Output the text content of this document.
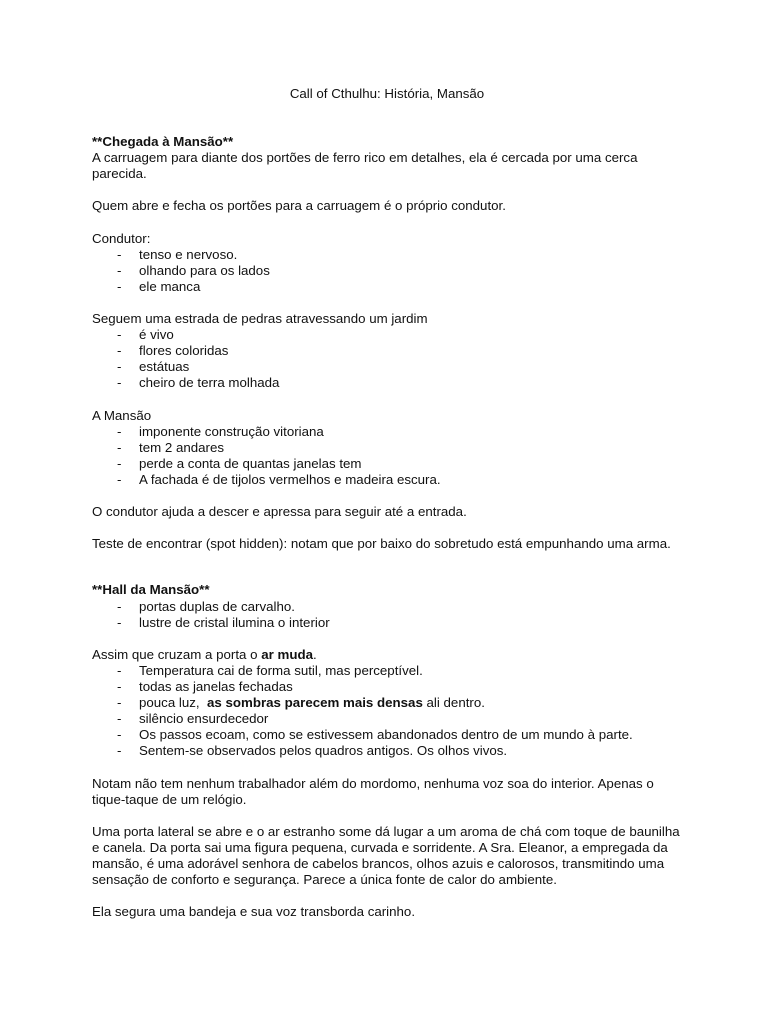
Call of Cthulhu: História, Mansão

**Chegada à Mansão**

A carruagem para diante dos portões de ferro rico em detalhes, ela é cercada por uma cerca parecida.

Quem abre e fecha os portões para a carruagem é o próprio condutor.

Condutor:

- tenso e nervoso.
- olhando para os lados
- ele manca

Seguem uma estrada de pedras atravessando um jardim

- é vivo
- flores coloridas
- estátuas
- cheiro de terra molhada

A Mansão

- imponente construção vitoriana
- tem 2 andares
- perde a conta de quantas janelas tem
- A fachada é de tijolos vermelhos e madeira escura.

O condutor ajuda a descer e apressa para seguir até a entrada.

Teste de encontrar (spot hidden): notam que por baixo do sobretudo está empunhando uma arma.

**Hall da Mansão**

- portas duplas de carvalho.
- lustre de cristal ilumina o interior

Assim que cruzam a porta o ar muda.

- Temperatura cai de forma sutil, mas perceptível.
- todas as janelas fechadas
- pouca luz,  as sombras parecem mais densas ali dentro.
- silêncio ensurdecedor
- Os passos ecoam, como se estivessem abandonados dentro de um mundo à parte.
- Sentem-se observados pelos quadros antigos. Os olhos vivos.

Notam não tem nenhum trabalhador além do mordomo, nenhuma voz soa do interior. Apenas o tique-taque de um relógio.

Uma porta lateral se abre e o ar estranho some dá lugar a um aroma de chá com toque de baunilha e canela. Da porta sai uma figura pequena, curvada e sorridente. A Sra. Eleanor, a empregada da mansão, é uma adorável senhora de cabelos brancos, olhos azuis e calorosos, transmitindo uma sensação de conforto e segurança. Parece a única fonte de calor do ambiente.

Ela segura uma bandeja e sua voz transborda carinho.
